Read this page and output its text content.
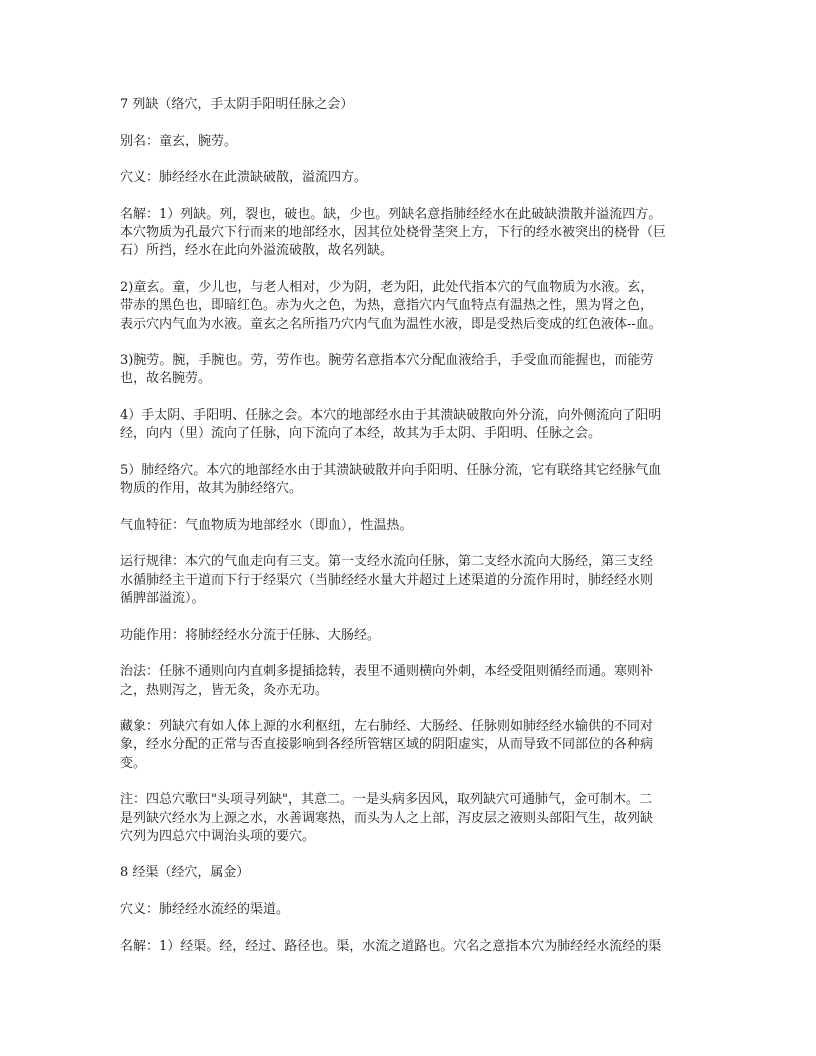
7 列缺（络穴，手太阴手阳明任脉之会）
别名：童玄，腕劳。
穴义：肺经经水在此溃缺破散，溢流四方。
名解：1）列缺。列，裂也，破也。缺，少也。列缺名意指肺经经水在此破缺溃散并溢流四方。
本穴物质为孔最穴下行而来的地部经水，因其位处桡骨茎突上方，下行的经水被突出的桡骨（巨
石）所挡，经水在此向外溢流破散，故名列缺。
2)童玄。童，少儿也，与老人相对，少为阴，老为阳，此处代指本穴的气血物质为水液。玄，
带赤的黑色也，即暗红色。赤为火之色，为热，意指穴内气血特点有温热之性，黑为肾之色，
表示穴内气血为水液。童玄之名所指乃穴内气血为温性水液，即是受热后变成的红色液体--血。
3)腕劳。腕，手腕也。劳，劳作也。腕劳名意指本穴分配血液给手，手受血而能握也，而能劳
也，故名腕劳。
4）手太阴、手阳明、任脉之会。本穴的地部经水由于其溃缺破散向外分流，向外侧流向了阳明
经，向内（里）流向了任脉，向下流向了本经，故其为手太阴、手阳明、任脉之会。
5）肺经络穴。本穴的地部经水由于其溃缺破散并向手阳明、任脉分流，它有联络其它经脉气血
物质的作用，故其为肺经络穴。
气血特征：气血物质为地部经水（即血），性温热。
运行规律：本穴的气血走向有三支。第一支经水流向任脉，第二支经水流向大肠经，第三支经
水循肺经主干道而下行于经渠穴（当肺经经水量大并超过上述渠道的分流作用时，肺经经水则
循脾部溢流）。
功能作用：将肺经经水分流于任脉、大肠经。
治法：任脉不通则向内直刺多提插捻转，表里不通则横向外刺，本经受阻则循经而通。寒则补
之，热则泻之，皆无灸，灸亦无功。
藏象：列缺穴有如人体上源的水利枢纽，左右肺经、大肠经、任脉则如肺经经水输供的不同对
象，经水分配的正常与否直接影响到各经所管辖区域的阴阳虚实，从而导致不同部位的各种病
变。
注：四总穴歌曰"头项寻列缺"，其意二。一是头病多因风，取列缺穴可通肺气，金可制木。二
是列缺穴经水为上源之水，水善调寒热，而头为人之上部，泻皮层之液则头部阳气生，故列缺
穴列为四总穴中调治头项的要穴。
8 经渠（经穴，属金）
穴义：肺经经水流经的渠道。
名解：1）经渠。经，经过、路径也。渠，水流之道路也。穴名之意指本穴为肺经经水流经的渠
